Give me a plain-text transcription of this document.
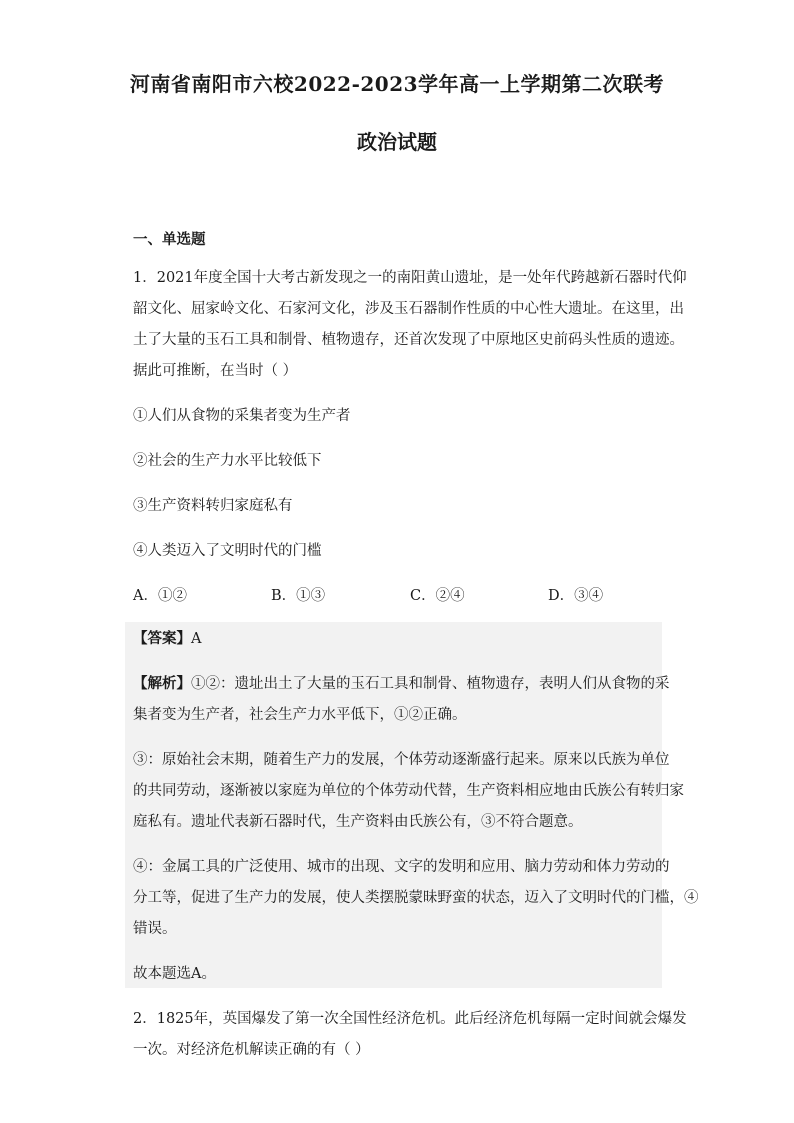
河南省南阳市六校2022-2023学年高一上学期第二次联考
政治试题
一、单选题
1．2021年度全国十大考古新发现之一的南阳黄山遗址，是一处年代跨越新石器时代仰
韶文化、屈家岭文化、石家河文化，涉及玉石器制作性质的中心性大遗址。在这里，出
土了大量的玉石工具和制骨、植物遗存，还首次发现了中原地区史前码头性质的遗迹。
据此可推断，在当时（ ）
①人们从食物的采集者变为生产者
②社会的生产力水平比较低下
③生产资料转归家庭私有
④人类迈入了文明时代的门槛
A．①②	B．①③	C．②④	D．③④
【答案】A
【解析】①②：遗址出土了大量的玉石工具和制骨、植物遗存，表明人们从食物的采
集者变为生产者，社会生产力水平低下，①②正确。
③：原始社会末期，随着生产力的发展，个体劳动逐渐盛行起来。原来以氏族为单位
的共同劳动，逐渐被以家庭为单位的个体劳动代替，生产资料相应地由氏族公有转归家
庭私有。遗址代表新石器时代，生产资料由氏族公有，③不符合题意。
④：金属工具的广泛使用、城市的出现、文字的发明和应用、脑力劳动和体力劳动的
分工等，促进了生产力的发展，使人类摆脱蒙昧野蛮的状态，迈入了文明时代的门槛，④
错误。
故本题选A。
2．1825年，英国爆发了第一次全国性经济危机。此后经济危机每隔一定时间就会爆发
一次。对经济危机解读正确的有（ ）
